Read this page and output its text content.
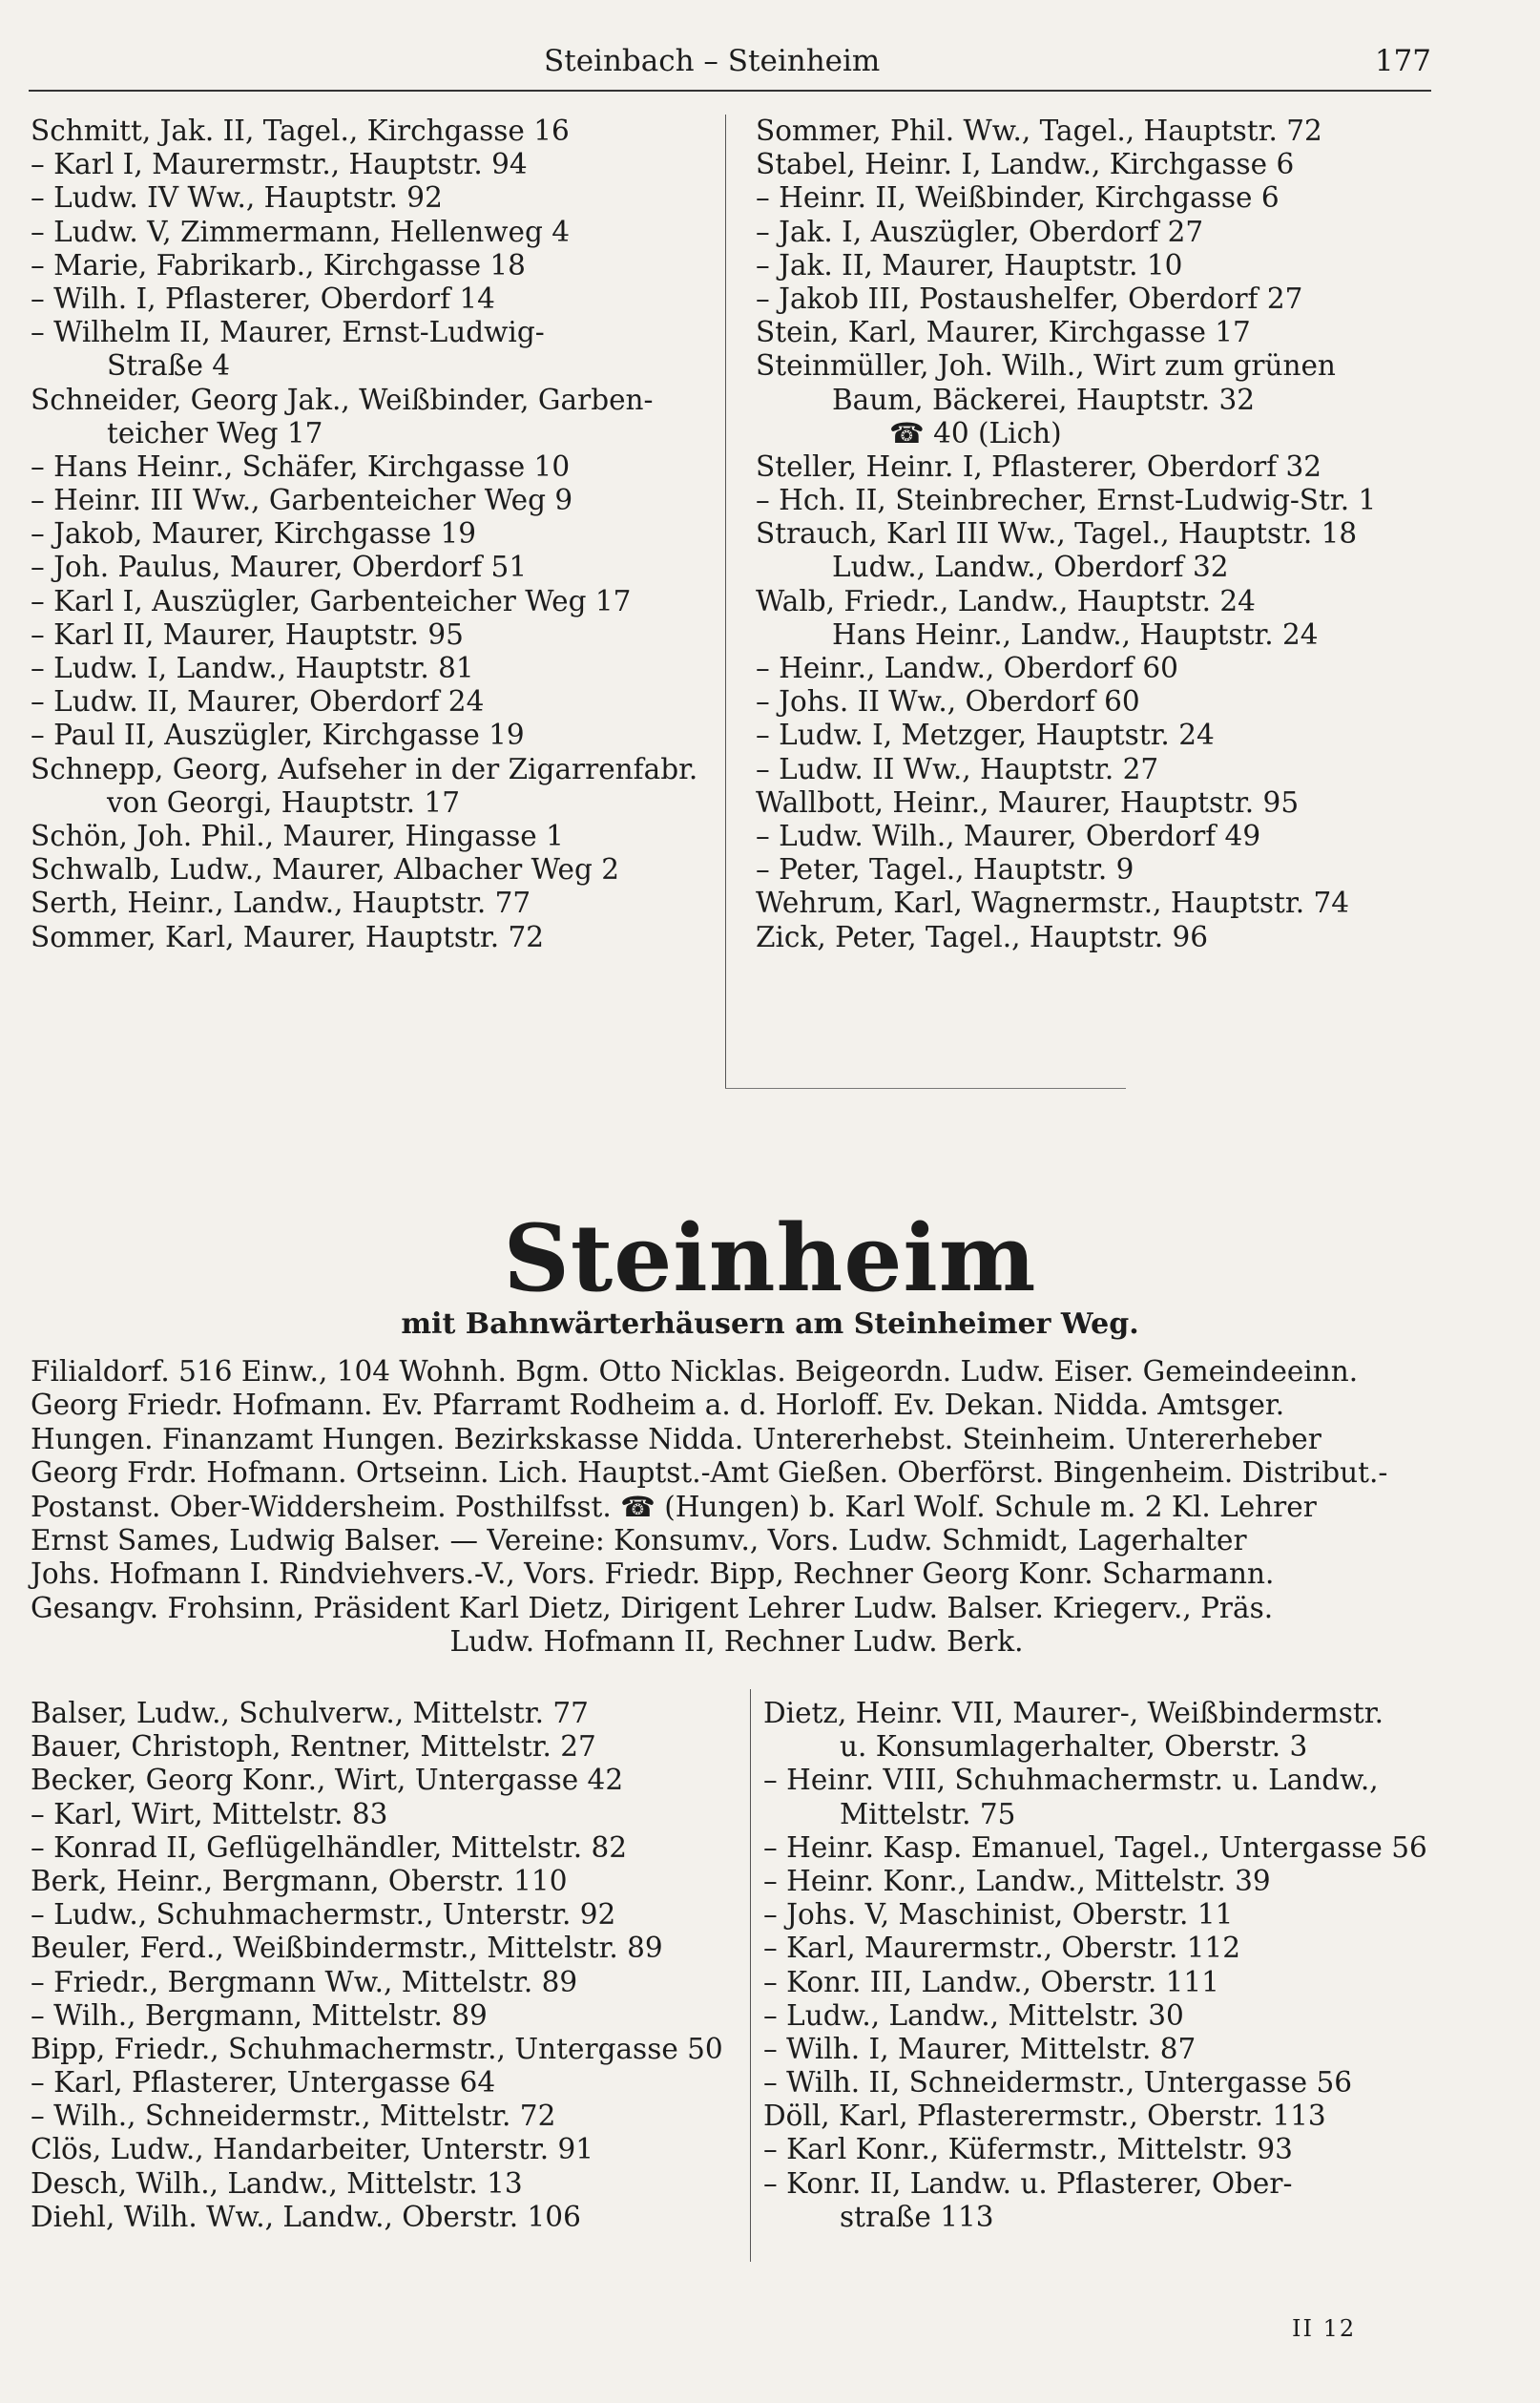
Steinbach – Steinheim	177
Schmitt, Jak. II, Tagel., Kirchgasse 16
– Karl I, Maurermstr., Hauptstr. 94
– Ludw. IV Ww., Hauptstr. 92
– Ludw. V, Zimmermann, Hellenweg 4
– Marie, Fabrikarb., Kirchgasse 18
– Wilh. I, Pflasterer, Oberdorf 14
– Wilhelm II, Maurer, Ernst-Ludwig-
Straße 4
Schneider, Georg Jak., Weißbinder, Garben-
teicher Weg 17
– Hans Heinr., Schäfer, Kirchgasse 10
– Heinr. III Ww., Garbenteicher Weg 9
– Jakob, Maurer, Kirchgasse 19
– Joh. Paulus, Maurer, Oberdorf 51
– Karl I, Auszügler, Garbenteicher Weg 17
– Karl II, Maurer, Hauptstr. 95
– Ludw. I, Landw., Hauptstr. 81
– Ludw. II, Maurer, Oberdorf 24
– Paul II, Auszügler, Kirchgasse 19
Schnepp, Georg, Aufseher in der Zigarrenfabr.
von Georgi, Hauptstr. 17
Schön, Joh. Phil., Maurer, Hingasse 1
Schwalb, Ludw., Maurer, Albacher Weg 2
Serth, Heinr., Landw., Hauptstr. 77
Sommer, Karl, Maurer, Hauptstr. 72
Sommer, Phil. Ww., Tagel., Hauptstr. 72
Stabel, Heinr. I, Landw., Kirchgasse 6
– Heinr. II, Weißbinder, Kirchgasse 6
– Jak. I, Auszügler, Oberdorf 27
– Jak. II, Maurer, Hauptstr. 10
– Jakob III, Postaushelfer, Oberdorf 27
Stein, Karl, Maurer, Kirchgasse 17
Steinmüller, Joh. Wilh., Wirt zum grünen
Baum, Bäckerei, Hauptstr. 32
☎ 40 (Lich)
Steller, Heinr. I, Pflasterer, Oberdorf 32
– Hch. II, Steinbrecher, Ernst-Ludwig-Str. 1
Strauch, Karl III Ww., Tagel., Hauptstr. 18
Ludw., Landw., Oberdorf 32
Walb, Friedr., Landw., Hauptstr. 24
Hans Heinr., Landw., Hauptstr. 24
– Heinr., Landw., Oberdorf 60
– Johs. II Ww., Oberdorf 60
– Ludw. I, Metzger, Hauptstr. 24
– Ludw. II Ww., Hauptstr. 27
Wallbott, Heinr., Maurer, Hauptstr. 95
– Ludw. Wilh., Maurer, Oberdorf 49
– Peter, Tagel., Hauptstr. 9
Wehrum, Karl, Wagnermstr., Hauptstr. 74
Zick, Peter, Tagel., Hauptstr. 96
Steinheim
mit Bahnwärterhäusern am Steinheimer Weg.
Filialdorf. 516 Einw., 104 Wohnh. Bgm. Otto Nicklas. Beigeordn. Ludw. Eiser. Gemeindeeinn.
Georg Friedr. Hofmann. Ev. Pfarramt Rodheim a. d. Horloff. Ev. Dekan. Nidda. Amtsger.
Hungen. Finanzamt Hungen. Bezirkskasse Nidda. Untererhebst. Steinheim. Untererheber
Georg Frdr. Hofmann. Ortseinn. Lich. Hauptst.-Amt Gießen. Oberförst. Bingenheim. Distribut.-
Postanst. Ober-Widdersheim. Posthilfsst. ☎ (Hungen) b. Karl Wolf. Schule m. 2 Kl. Lehrer
Ernst Sames, Ludwig Balser. — Vereine: Konsumv., Vors. Ludw. Schmidt, Lagerhalter
Johs. Hofmann I. Rindviehvers.-V., Vors. Friedr. Bipp, Rechner Georg Konr. Scharmann.
Gesangv. Frohsinn, Präsident Karl Dietz, Dirigent Lehrer Ludw. Balser. Kriegerv., Präs.
Ludw. Hofmann II, Rechner Ludw. Berk.
Balser, Ludw., Schulverw., Mittelstr. 77
Bauer, Christoph, Rentner, Mittelstr. 27
Becker, Georg Konr., Wirt, Untergasse 42
– Karl, Wirt, Mittelstr. 83
– Konrad II, Geflügelhändler, Mittelstr. 82
Berk, Heinr., Bergmann, Oberstr. 110
– Ludw., Schuhmachermstr., Unterstr. 92
Beuler, Ferd., Weißbindermstr., Mittelstr. 89
– Friedr., Bergmann Ww., Mittelstr. 89
– Wilh., Bergmann, Mittelstr. 89
Bipp, Friedr., Schuhmachermstr., Untergasse 50
– Karl, Pflasterer, Untergasse 64
– Wilh., Schneidermstr., Mittelstr. 72
Clös, Ludw., Handarbeiter, Unterstr. 91
Desch, Wilh., Landw., Mittelstr. 13
Diehl, Wilh. Ww., Landw., Oberstr. 106
Dietz, Heinr. VII, Maurer-, Weißbindermstr.
u. Konsumlagerhalter, Oberstr. 3
– Heinr. VIII, Schuhmachermstr. u. Landw.,
Mittelstr. 75
– Heinr. Kasp. Emanuel, Tagel., Untergasse 56
– Heinr. Konr., Landw., Mittelstr. 39
– Johs. V, Maschinist, Oberstr. 11
– Karl, Maurermstr., Oberstr. 112
– Konr. III, Landw., Oberstr. 111
– Ludw., Landw., Mittelstr. 30
– Wilh. I, Maurer, Mittelstr. 87
– Wilh. II, Schneidermstr., Untergasse 56
Döll, Karl, Pflasterermstr., Oberstr. 113
– Karl Konr., Küfermstr., Mittelstr. 93
– Konr. II, Landw. u. Pflasterer, Ober-
straße 113
II 12
